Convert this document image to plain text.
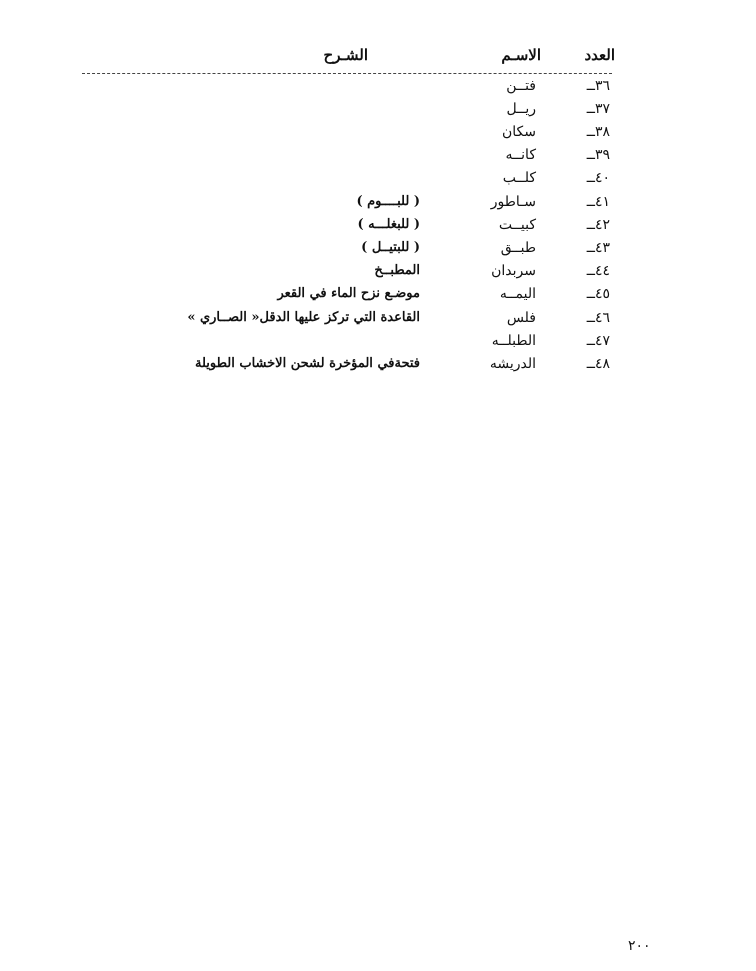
العدد
الاسـم
الشـرح
٣٦ــ
فتــن
٣٧ــ
ريــل
٣٨ــ
سكان
٣٩ــ
كانــه
٤٠ــ
كلــب
٤١ــ
سـاطور
( للبــــوم )
٤٢ــ
كبيــت
( للبغلـــه )
٤٣ــ
طبــق
( للبتيــل )
٤٤ــ
سربدان
المطبــخ
٤٥ــ
اليمــه
موضـع نزح الماء في القعر
٤٦ــ
فلس
القاعدة التي تركز عليها الدقل« الصــاري »
٤٧ــ
الطبلــه
٤٨ــ
الدريشه
فتحةفي المؤخرة لشحن الاخشاب الطويلة
٢٠٠
